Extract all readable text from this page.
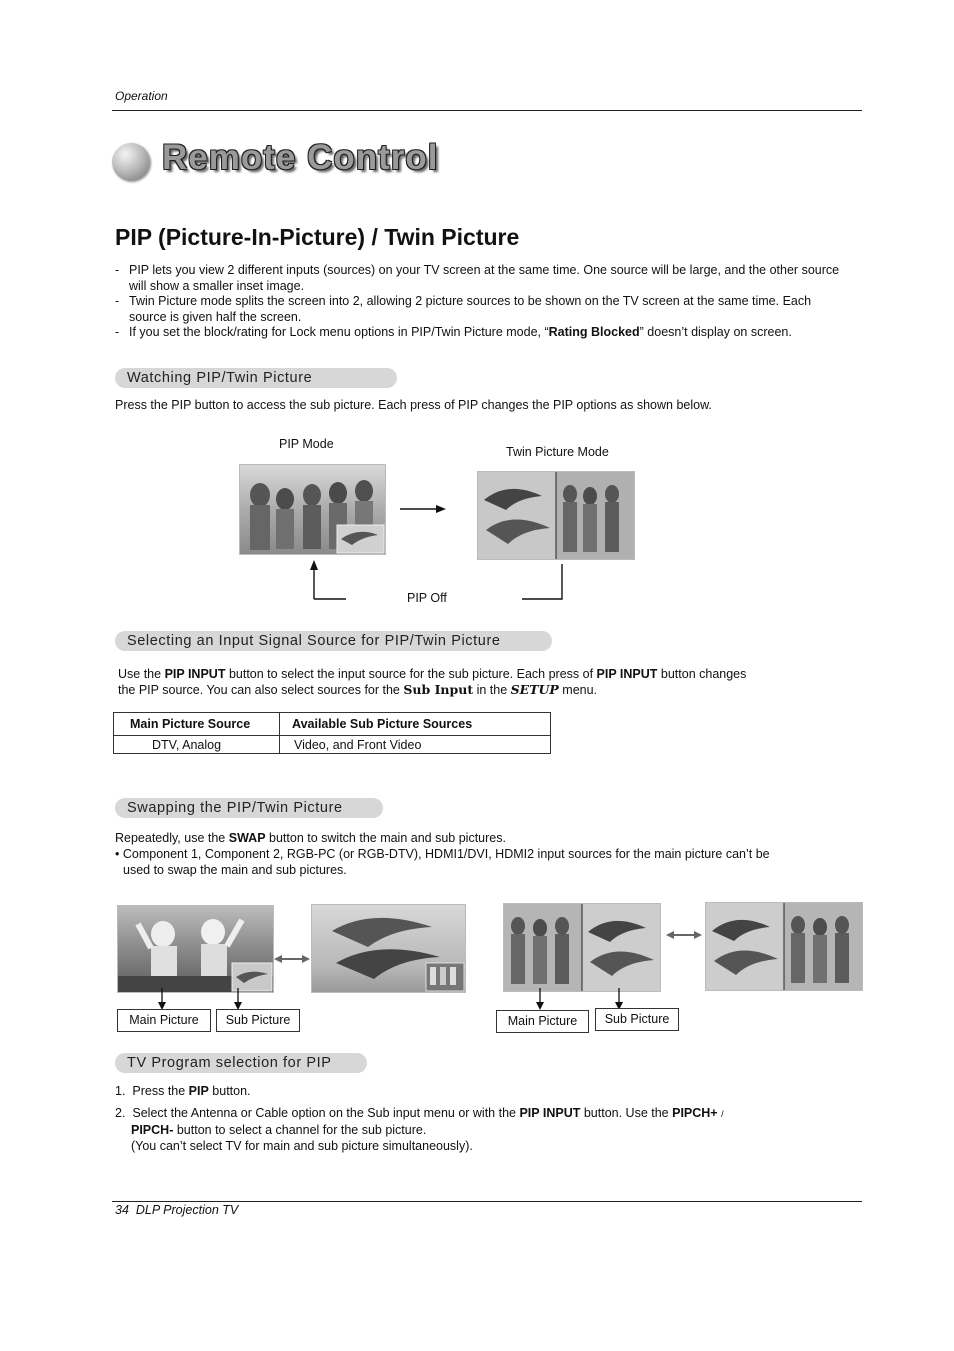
Operation
Remote Control
PIP (Picture-In-Picture) / Twin Picture
- PIP lets you view 2 different inputs (sources) on your TV screen at the same time. One source will be large, and the other source will show a smaller inset image.
- Twin Picture mode splits the screen into 2, allowing 2 picture sources to be shown on the TV screen at the same time. Each source is given half the screen.
- If you set the block/rating for Lock menu options in PIP/Twin Picture mode, “Rating Blocked” doesn’t display on screen.
Watching PIP/Twin Picture
Press the PIP button to access the sub picture. Each press of PIP changes the PIP options as shown below.
PIP Mode
Twin Picture Mode
PIP Off
Selecting an Input Signal Source for PIP/Twin Picture
Use the PIP INPUT button to select the input source for the sub picture. Each press of PIP INPUT button changes
the PIP source. You can also select sources for the Sub Input in the SETUP menu.
Main Picture Source	Available Sub Picture Sources
DTV, Analog	Video, and Front Video
Swapping the PIP/Twin Picture
Repeatedly, use the SWAP button to switch the main and sub pictures.
• Component 1, Component 2, RGB-PC (or RGB-DTV), HDMI1/DVI, HDMI2 input sources for the main picture can’t be used to swap the main and sub pictures.
Main Picture	Sub Picture	Main Picture	Sub Picture
TV Program selection for PIP
1. Press the PIP button.
2. Select the Antenna or Cable option on the Sub input menu or with the PIP INPUT button. Use the PIPCH+ /
PIPCH- button to select a channel for the sub picture.
(You can’t select TV for main and sub picture simultaneously).
34 DLP Projection TV
